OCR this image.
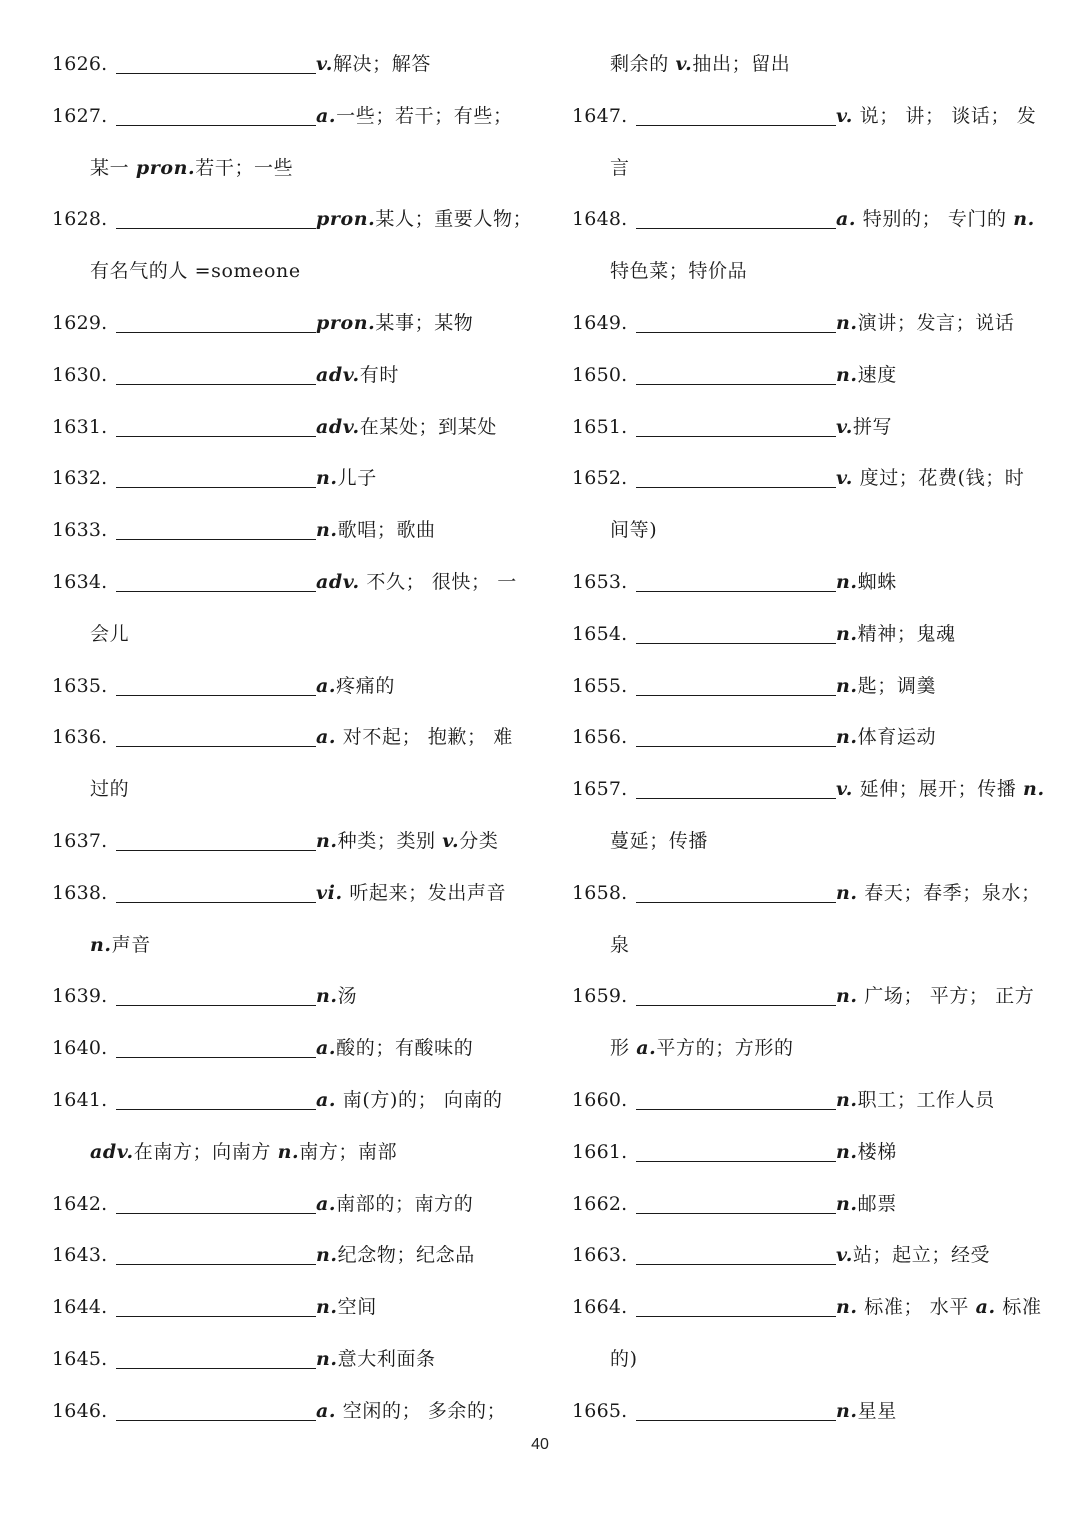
1626.	v.解决；解答
1627.	a.一些；若干；有些；
某一 pron.若干；一些
1628.	pron.某人；重要人物；
有名气的人 =someone
1629.	pron.某事；某物
1630.	adv.有时
1631.	adv.在某处；到某处
1632.	n.儿子
1633.	n.歌唱；歌曲
1634.	adv. 不久； 很快； 一
会儿
1635.	a.疼痛的
1636.	a. 对不起； 抱歉； 难
过的
1637.	n.种类；类别 v.分类
1638.	vi. 听起来；发出声音
n.声音
1639.	n.汤
1640.	a.酸的；有酸味的
1641.	a. 南(方)的； 向南的
adv.在南方；向南方 n.南方；南部
1642.	a.南部的；南方的
1643.	n.纪念物；纪念品
1644.	n.空间
1645.	n.意大利面条
1646.	a. 空闲的； 多余的；
剩余的 v.抽出；留出
1647.	v. 说； 讲； 谈话； 发
言
1648.	a. 特别的； 专门的 n.
特色菜；特价品
1649.	n.演讲；发言；说话
1650.	n.速度
1651.	v.拼写
1652.	v. 度过；花费(钱；时
间等)
1653.	n.蜘蛛
1654.	n.精神；鬼魂
1655.	n.匙；调羹
1656.	n.体育运动
1657.	v. 延伸；展开；传播 n.
蔓延；传播
1658.	n. 春天；春季；泉水；
泉
1659.	n. 广场； 平方； 正方
形 a.平方的；方形的
1660.	n.职工；工作人员
1661.	n.楼梯
1662.	n.邮票
1663.	v.站；起立；经受
1664.	n. 标准； 水平 a. 标准
的)
1665.	n.星星
40
